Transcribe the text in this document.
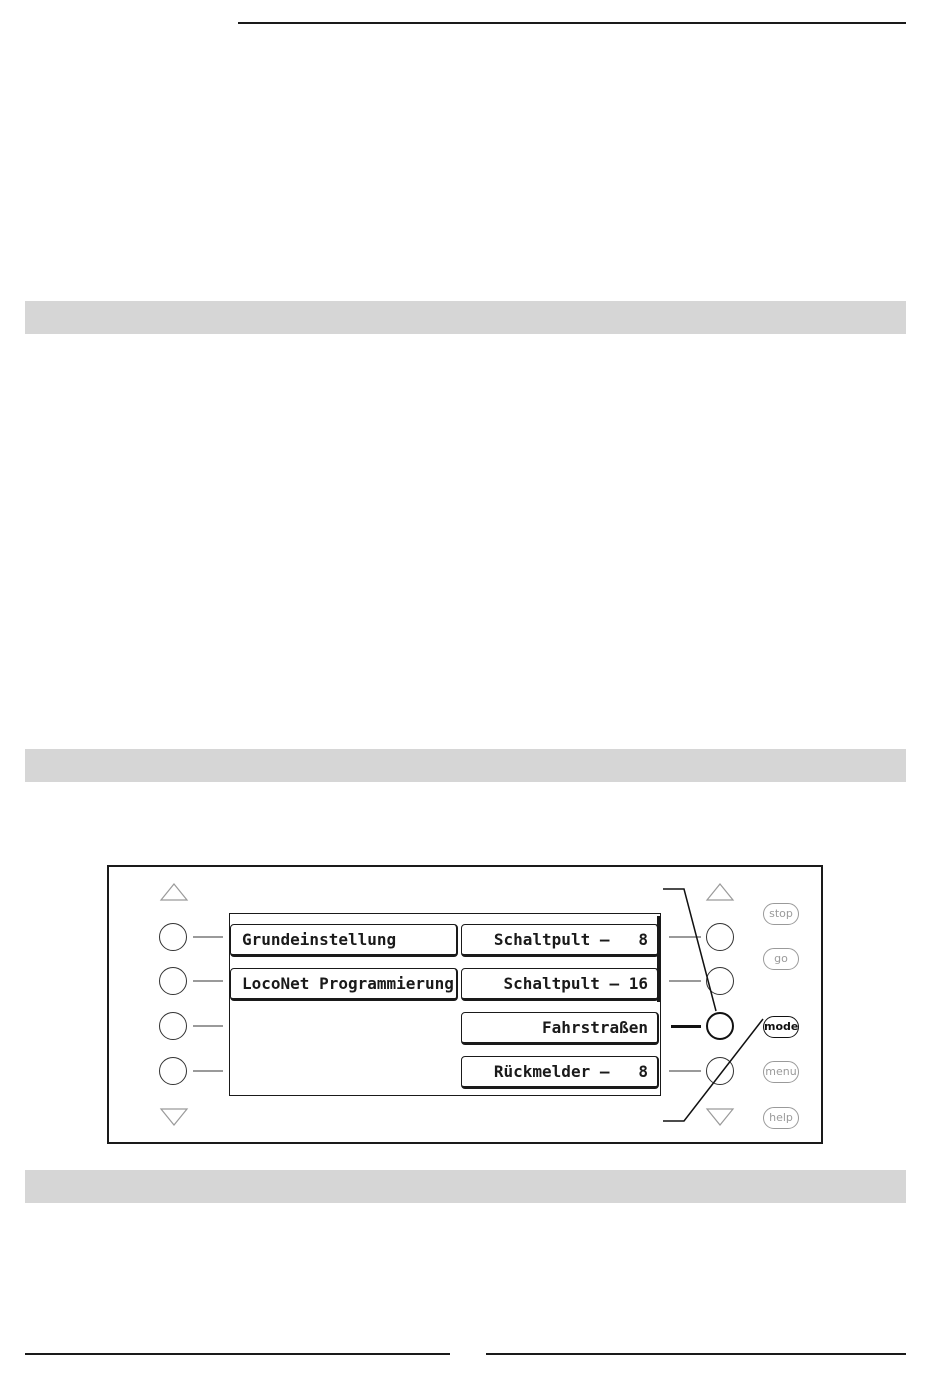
Grundeinstellung
LocoNet Programmierung
Schaltpult –   8
Schaltpult – 16
Fahrstraßen
Rückmelder –   8
stop
go
mode
menu
help
